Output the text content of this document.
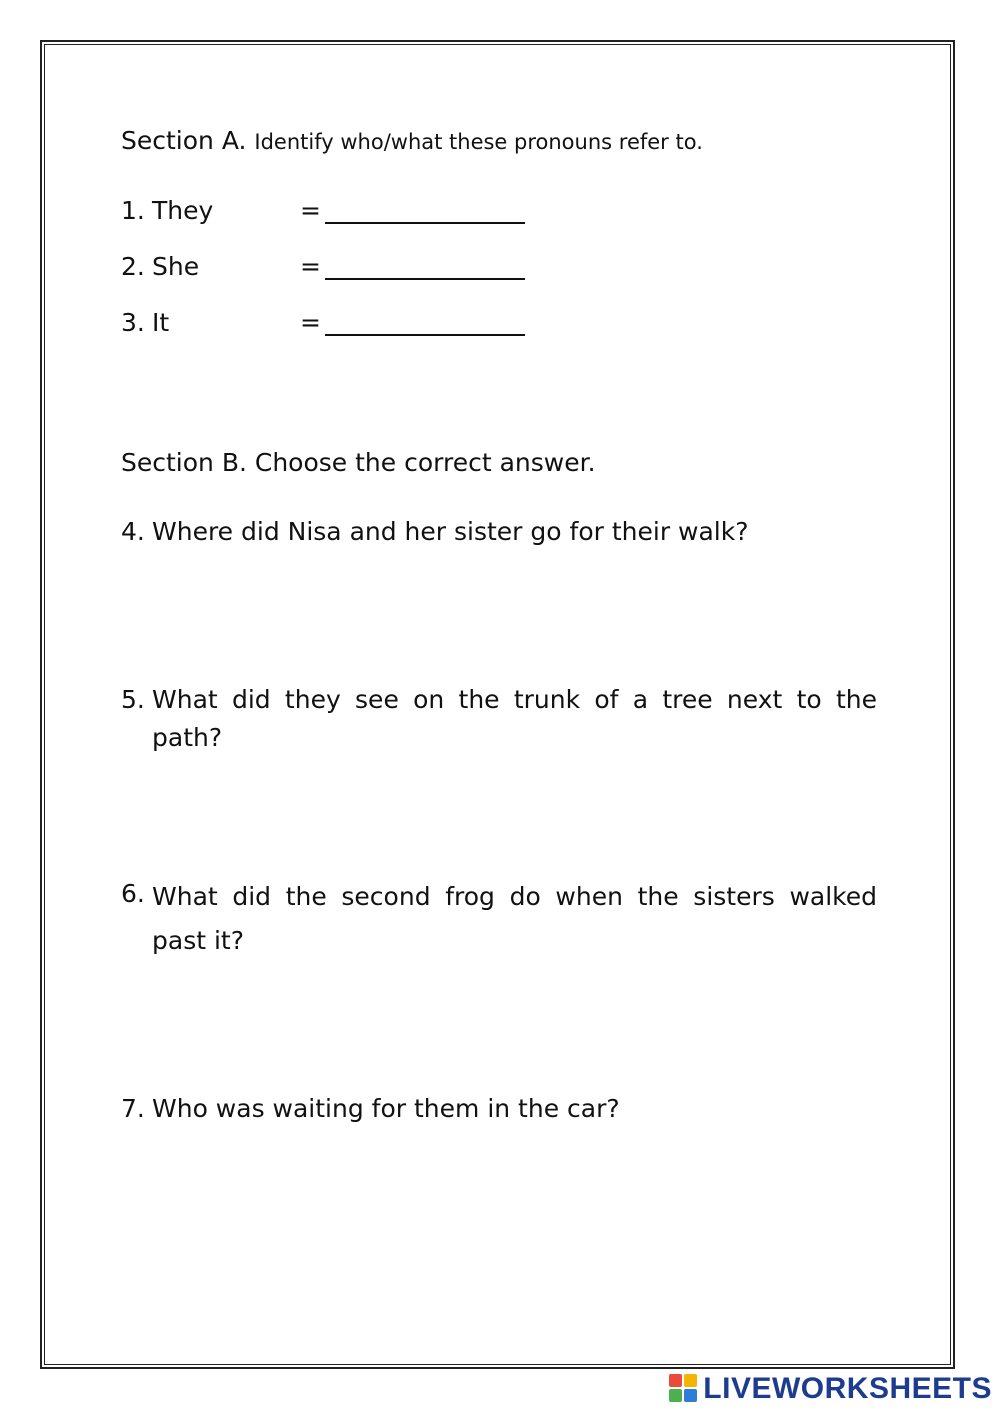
Section A. Identify who/what these pronouns refer to.
1. They	=
2. She	=
3. It	=
Section B. Choose the correct answer.
4. Where did Nisa and her sister go for their walk?
5. What did they see on the trunk of a tree next to the path?
6. What did the second frog do when the sisters walked past it?
7. Who was waiting for them in the car?
LIVEWORKSHEETS
